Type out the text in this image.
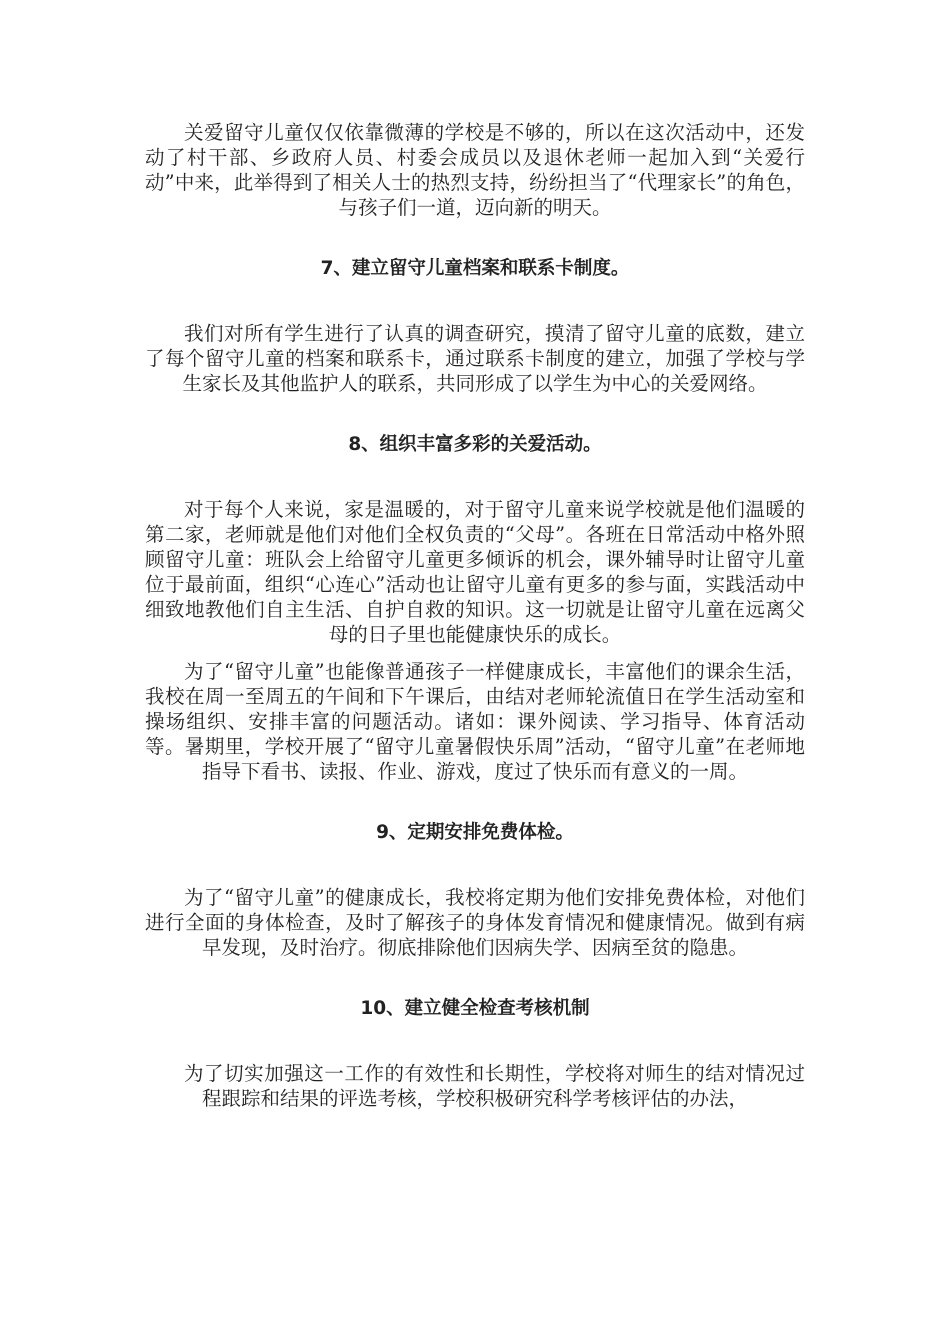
关爱留守儿童仅仅依靠微薄的学校是不够的，所以在这次活动中，还发动了村干部、乡政府人员、村委会成员以及退休老师一起加入到“关爱行动”中来，此举得到了相关人士的热烈支持，纷纷担当了“代理家长”的角色，与孩子们一道，迈向新的明天。

7、建立留守儿童档案和联系卡制度。

我们对所有学生进行了认真的调查研究，摸清了留守儿童的底数，建立了每个留守儿童的档案和联系卡，通过联系卡制度的建立，加强了学校与学生家长及其他监护人的联系，共同形成了以学生为中心的关爱网络。

8、组织丰富多彩的关爱活动。

对于每个人来说，家是温暖的，对于留守儿童来说学校就是他们温暖的第二家，老师就是他们对他们全权负责的“父母”。各班在日常活动中格外照顾留守儿童：班队会上给留守儿童更多倾诉的机会，课外辅导时让留守儿童位于最前面，组织“心连心”活动也让留守儿童有更多的参与面，实践活动中细致地教他们自主生活、自护自救的知识。这一切就是让留守儿童在远离父母的日子里也能健康快乐的成长。

为了“留守儿童”也能像普通孩子一样健康成长，丰富他们的课余生活，我校在周一至周五的午间和下午课后，由结对老师轮流值日在学生活动室和操场组织、安排丰富的问题活动。诸如：课外阅读、学习指导、体育活动等。暑期里，学校开展了“留守儿童暑假快乐周”活动，“留守儿童”在老师地指导下看书、读报、作业、游戏，度过了快乐而有意义的一周。

9、定期安排免费体检。

为了“留守儿童”的健康成长，我校将定期为他们安排免费体检，对他们进行全面的身体检查，及时了解孩子的身体发育情况和健康情况。做到有病早发现，及时治疗。彻底排除他们因病失学、因病至贫的隐患。

10、建立健全检查考核机制

为了切实加强这一工作的有效性和长期性，学校将对师生的结对情况过程跟踪和结果的评选考核，学校积极研究科学考核评估的办法，
